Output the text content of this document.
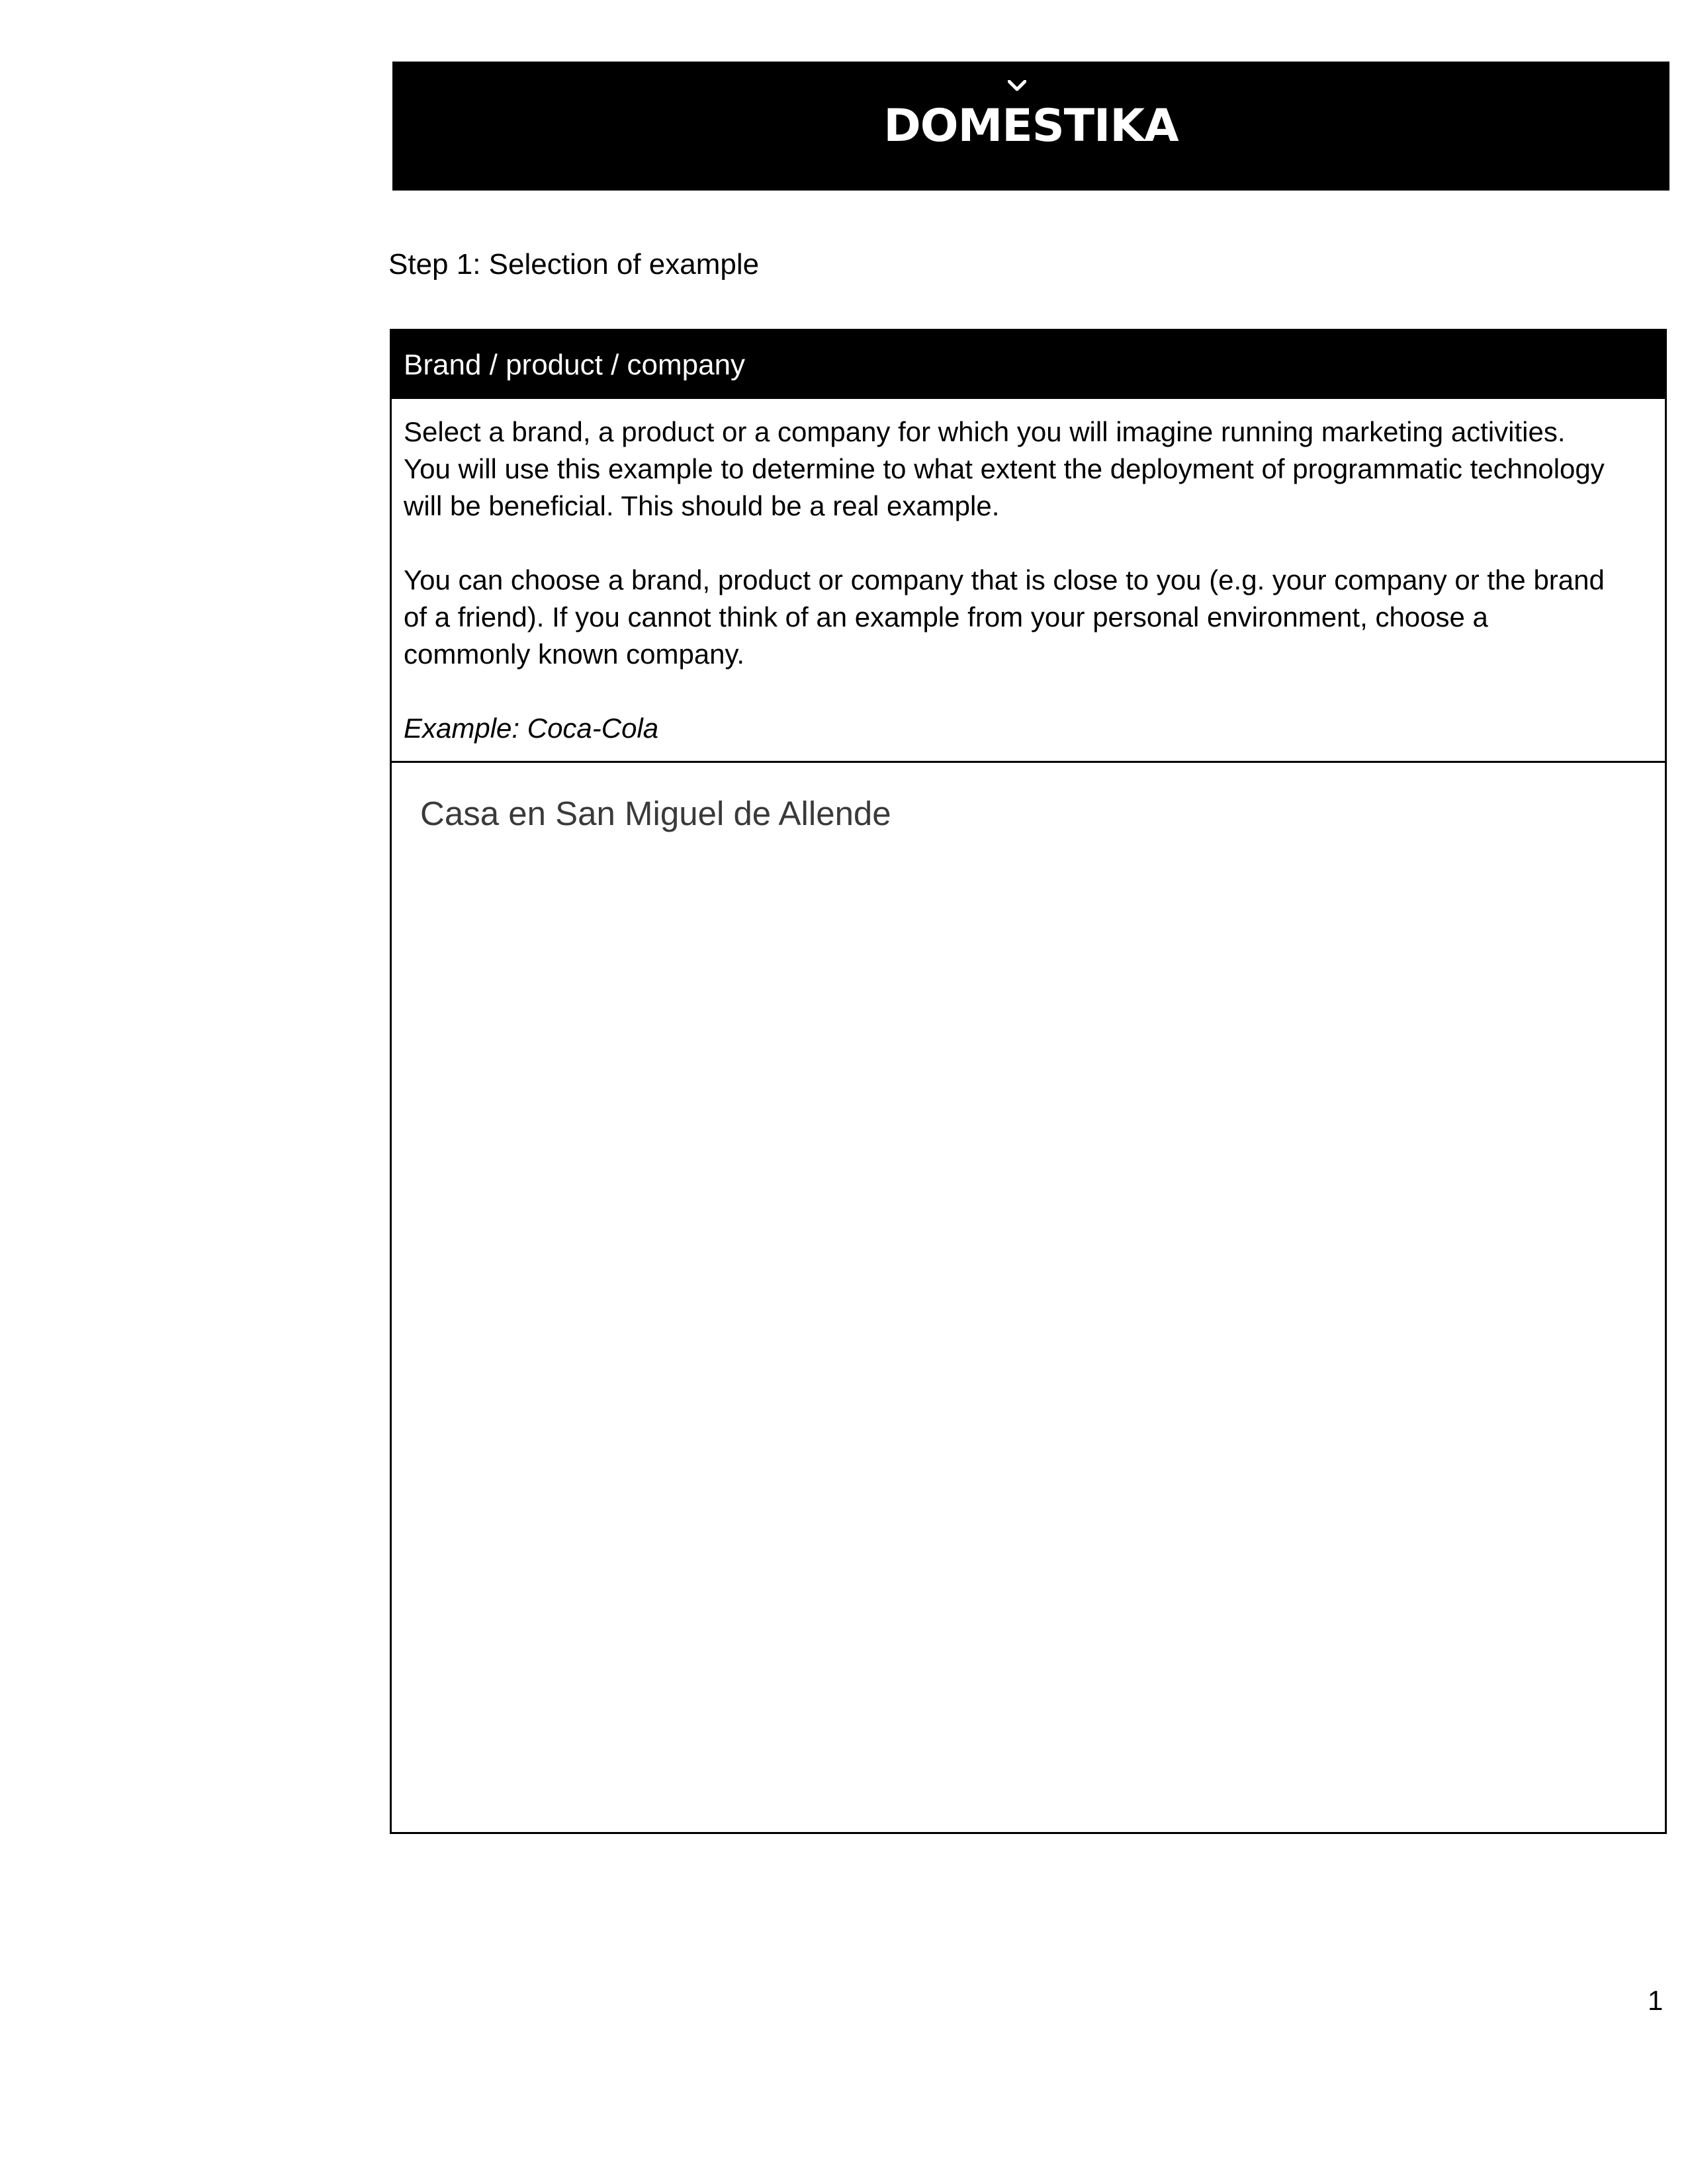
DOME
STIKA
Step 1: Selection of example
Brand / product / company

Select a brand, a product or a company for which you will imagine running marketing activities. You will use this example to determine to what extent the deployment of programmatic technology will be beneficial. This should be a real example.

You can choose a brand, product or company that is close to you (e.g. your company or the brand of a friend). If you cannot think of an example from your personal environment, choose a commonly known company.

Example: Coca-Cola

Casa en San Miguel de Allende
1
